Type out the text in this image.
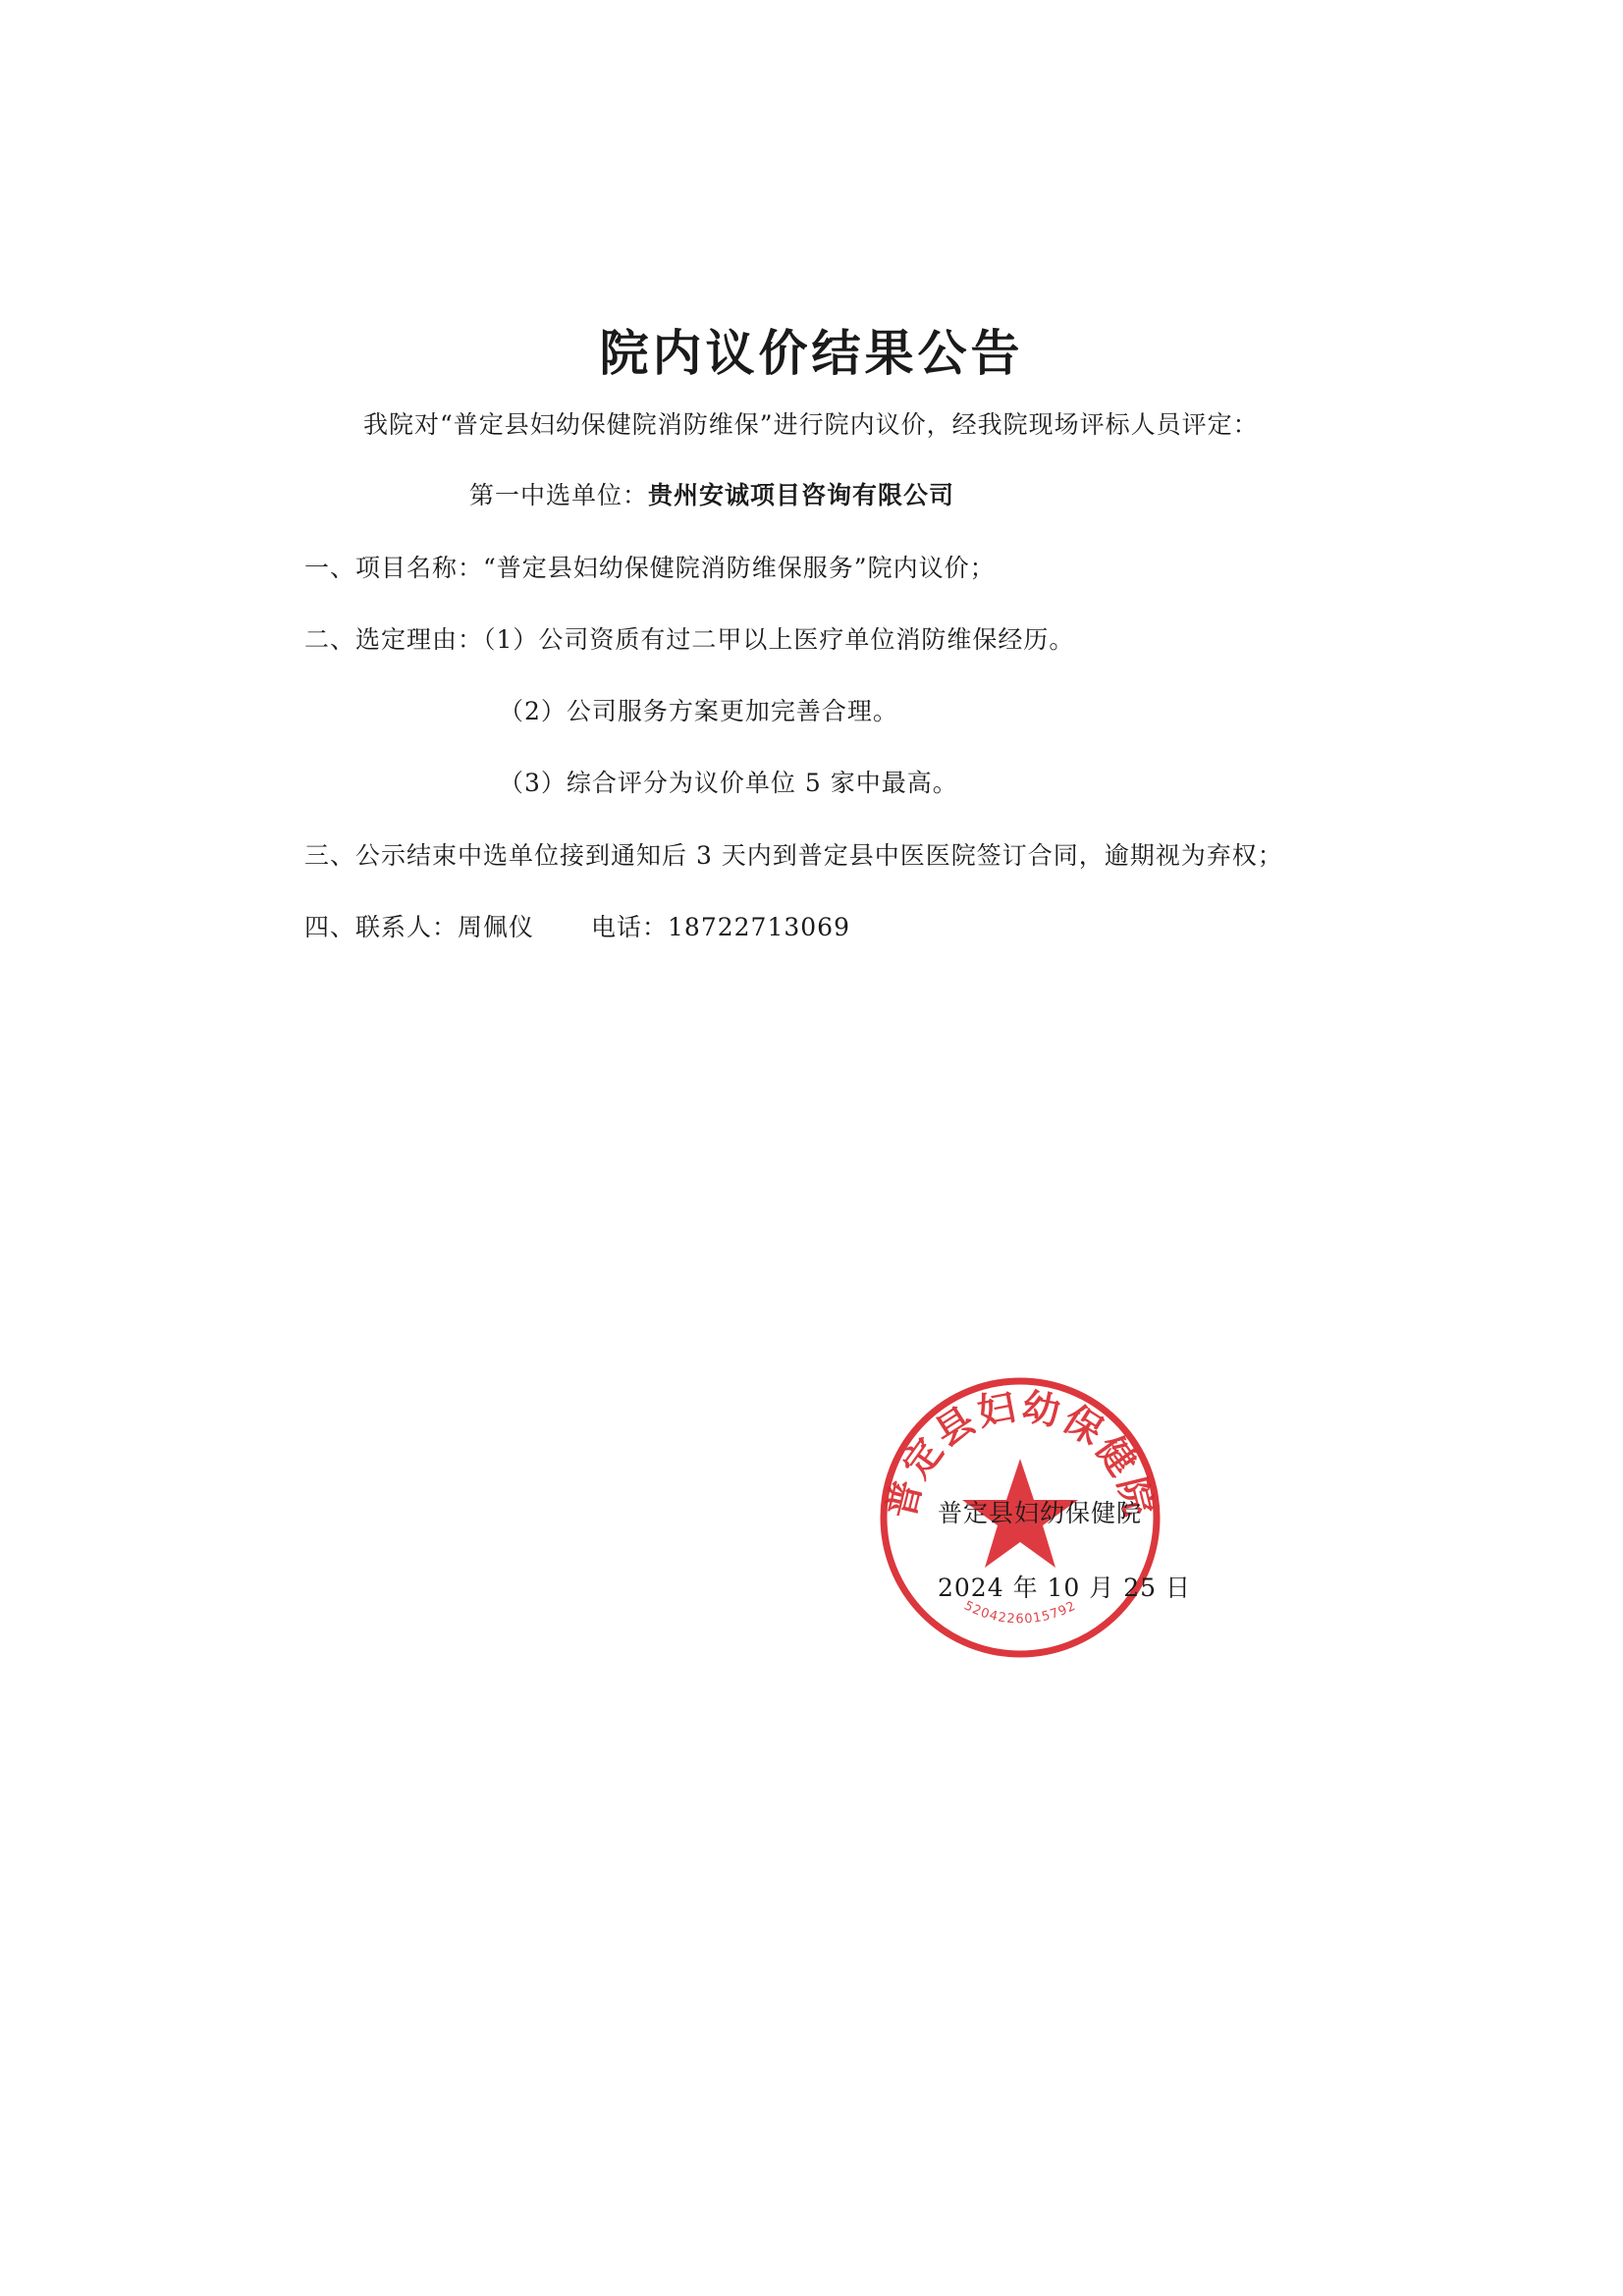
院内议价结果公告
我院对“普定县妇幼保健院消防维保”进行院内议价，经我院现场评标人员评定：
第一中选单位：贵州安诚项目咨询有限公司
一、项目名称：“普定县妇幼保健院消防维保服务”院内议价；
二、选定理由：（1）公司资质有过二甲以上医疗单位消防维保经历。
（2）公司服务方案更加完善合理。
（3）综合评分为议价单位 5 家中最高。
三、公示结束中选单位接到通知后 3 天内到普定县中医医院签订合同，逾期视为弃权；
四、联系人：周佩仪 电话：18722713069
普定县妇幼保健院
5204226015792
普定县妇幼保健院
2024 年 10 月 25 日
